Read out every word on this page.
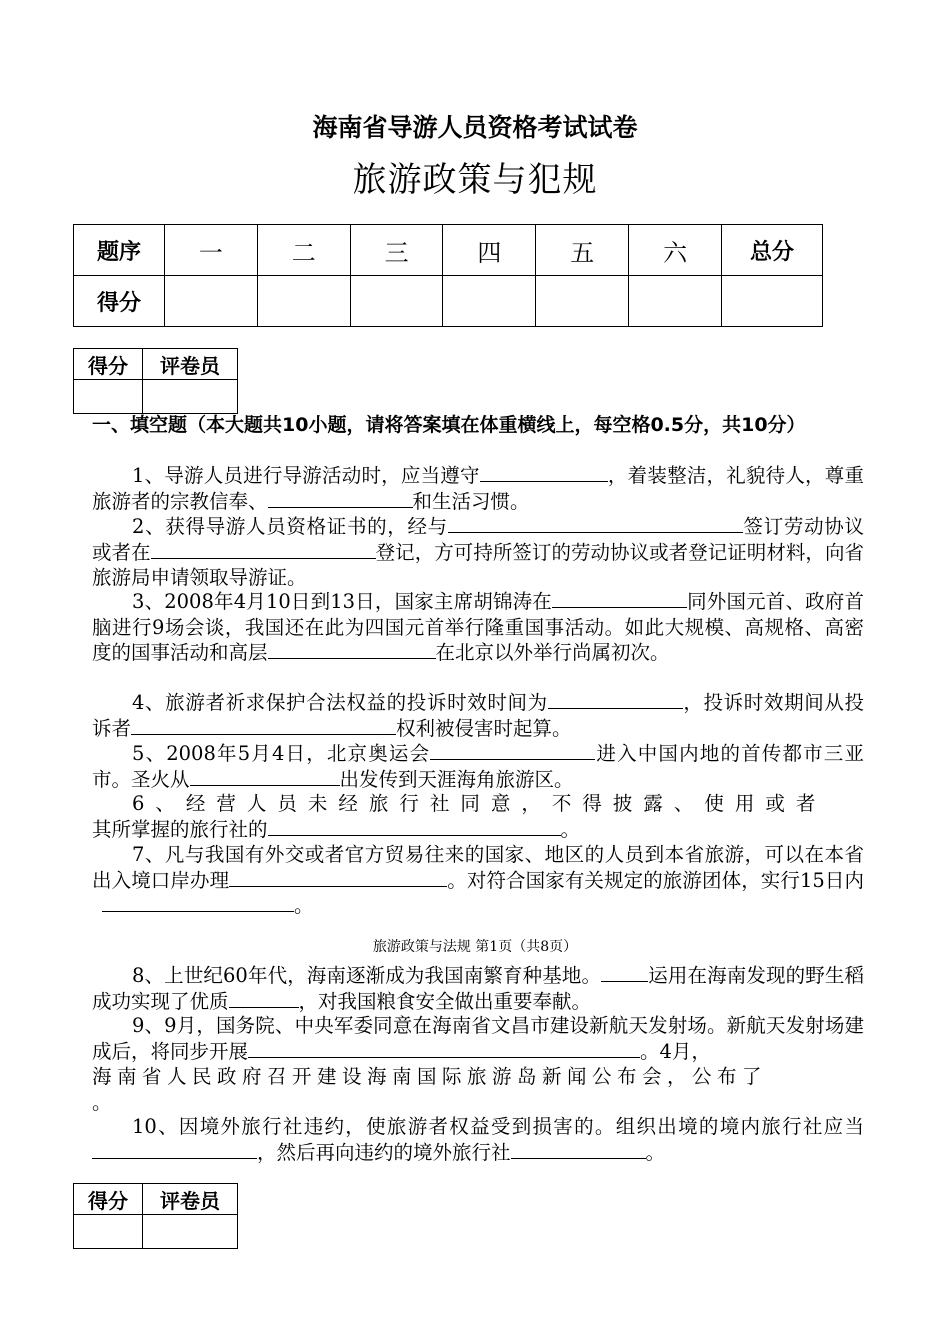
海南省导游人员资格考试试卷
旅游政策与犯规
题序	一	二	三	四	五	六	总分
得分							
得分	评卷员

一、填空题（本大题共10小题，请将答案填在体重横线上，每空格0.5分，共10分）
1、导游人员进行导游活动时，应当遵守	，着装整洁，礼貌待人，尊重旅游者的宗教信奉、	和生活习惯。
2、获得导游人员资格证书的，经与	签订劳动协议或者在	登记，方可持所签订的劳动协议或者登记证明材料，向省旅游局申请领取导游证。
3、2008年4月10日到13日，国家主席胡锦涛在	同外国元首、政府首脑进行9场会谈，我国还在此为四国元首举行隆重国事活动。如此大规模、高规格、高密度的国事活动和高层	在北京以外举行尚属初次。
4、旅游者祈求保护合法权益的投诉时效时间为	，投诉时效期间从投诉者	权利被侵害时起算。
5、2008年5月4日，北京奥运会	进入中国内地的首传都市三亚市。圣火从	出发传到天涯海角旅游区。
6、经营人员未经旅行社同意，不得披露、使用或者
其所掌握的旅行社的	。
7、凡与我国有外交或者官方贸易往来的国家、地区的人员到本省旅游，可以在本省出入境口岸办理	。对符合国家有关规定的旅游团体，实行15日内。
旅游政策与法规 第1页（共8页）
8、上世纪60年代，海南逐渐成为我国南繁育种基地。 运用在海南发现的野生稻成功实现了优质	，对我国粮食安全做出重要奉献。
9、9月，国务院、中央军委同意在海南省文昌市建设新航天发射场。新航天发射场建成后，将同步开展	。4月，
海南省人民政府召开建设海南国际旅游岛新闻公布会，公布了
。
10、因境外旅行社违约，使旅游者权益受到损害的。组织出境的境内旅行社应当，然后再向违约的境外旅行社	。
得分	评卷员
